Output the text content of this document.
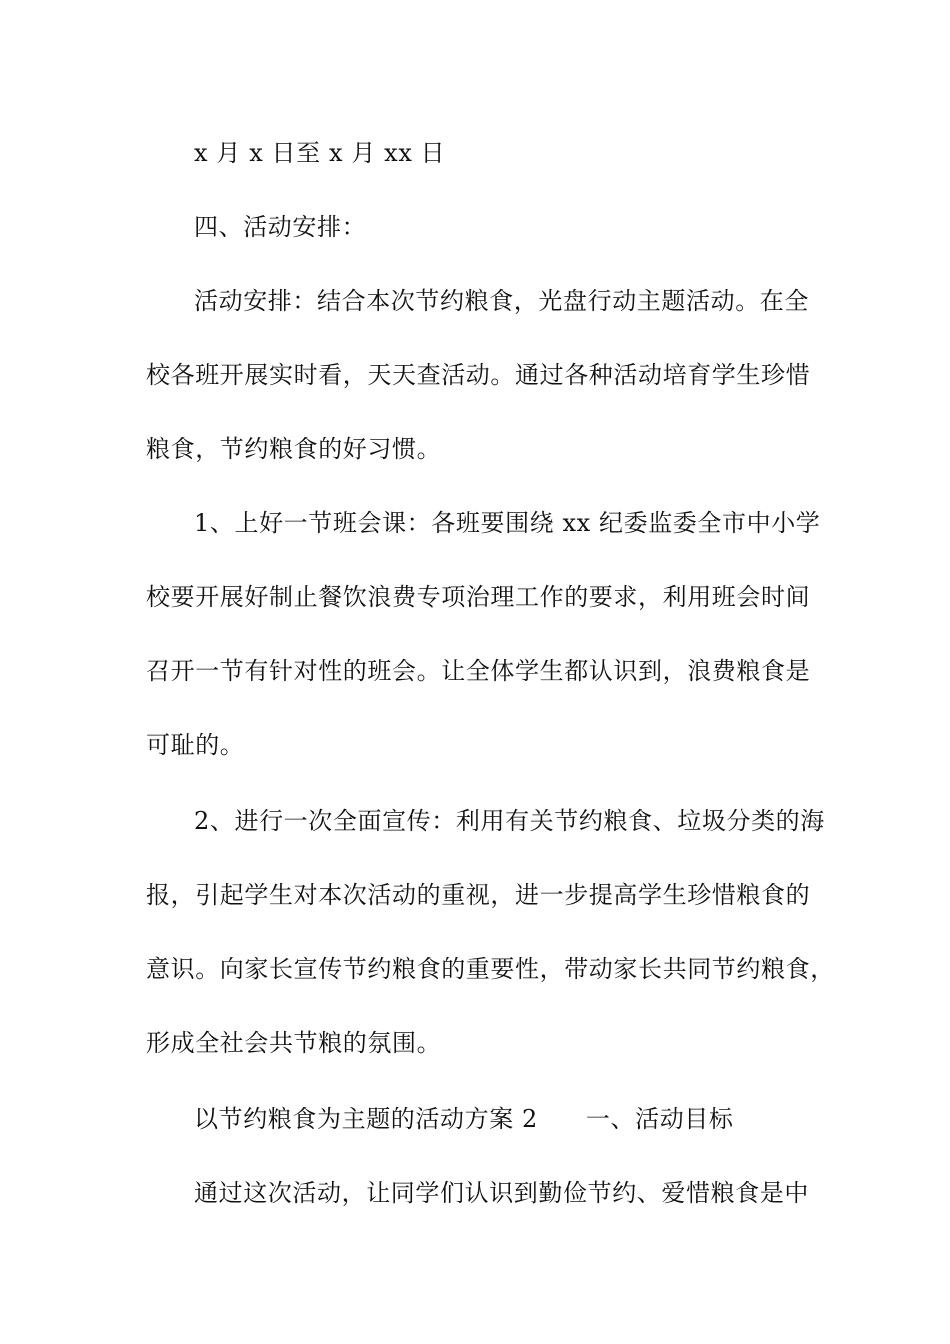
x 月 x 日至 x 月 xx 日

四、活动安排：

活动安排：结合本次节约粮食，光盘行动主题活动。在全

校各班开展实时看，天天查活动。通过各种活动培育学生珍惜

粮食，节约粮食的好习惯。

1、上好一节班会课：各班要围绕 xx 纪委监委全市中小学

校要开展好制止餐饮浪费专项治理工作的要求，利用班会时间

召开一节有针对性的班会。让全体学生都认识到，浪费粮食是

可耻的。

2、进行一次全面宣传：利用有关节约粮食、垃圾分类的海

报，引起学生对本次活动的重视，进一步提高学生珍惜粮食的

意识。向家长宣传节约粮食的重要性，带动家长共同节约粮食，

形成全社会共节粮的氛围。

以节约粮食为主题的活动方案 2 一、活动目标

通过这次活动，让同学们认识到勤俭节约、爱惜粮食是中
